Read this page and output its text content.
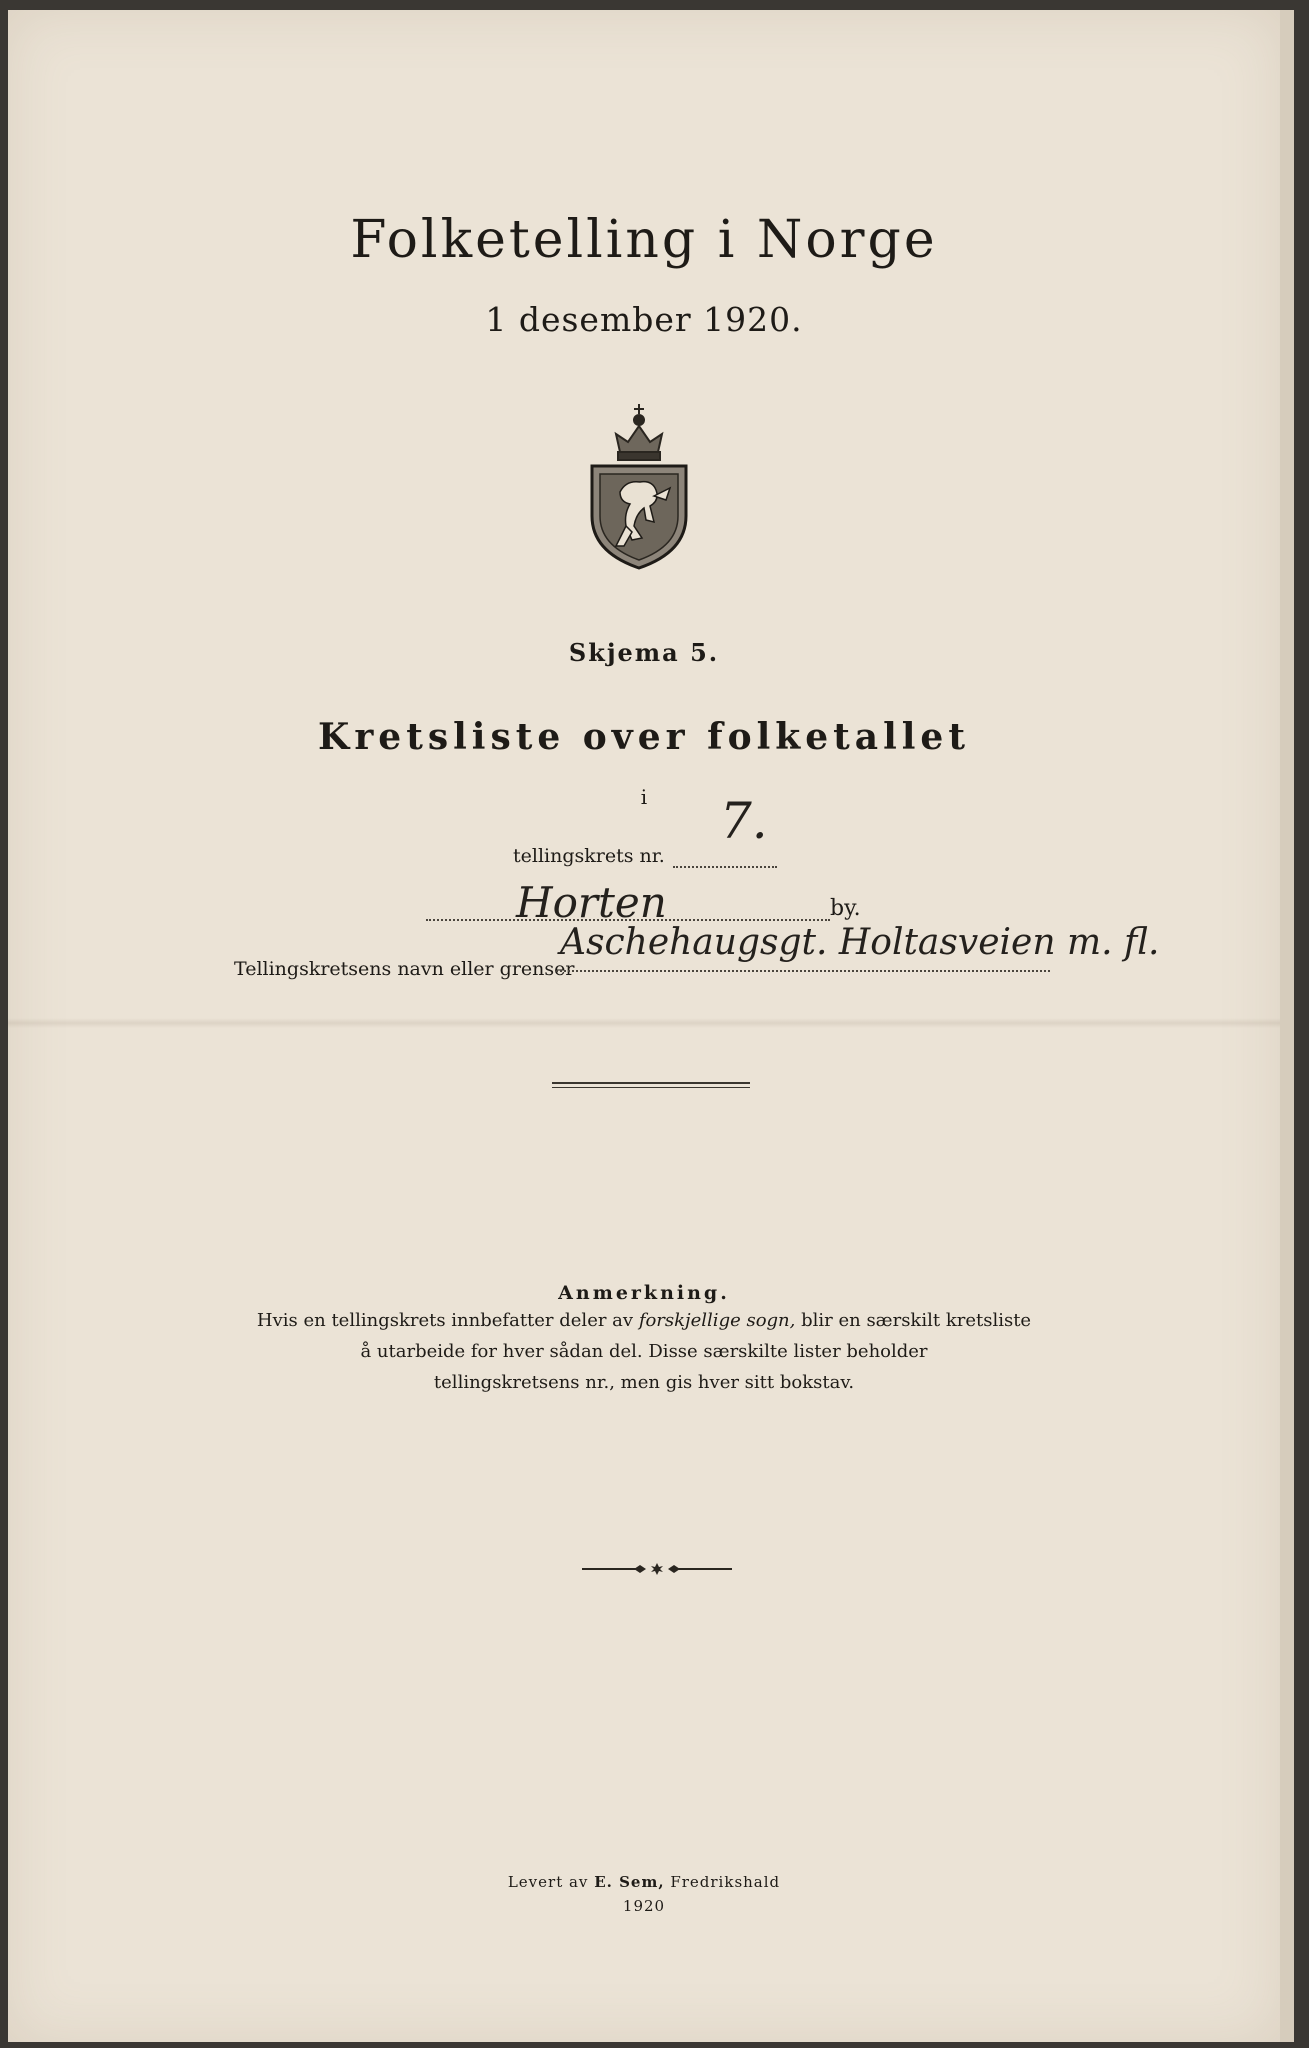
Folketelling i Norge
1 desember 1920.
Skjema 5.
Kretsliste over folketallet
i
tellingskrets nr.
7.
Horten	by.
Tellingskretsens navn eller grenser
Aschehaugsgt. Holtasveien m. fl.
Anmerkning.
Hvis en tellingskrets innbefatter deler av forskjellige sogn, blir en særskilt kretsliste
å utarbeide for hver sådan del. Disse særskilte lister beholder
tellingskretsens nr., men gis hver sitt bokstav.
Levert av E. Sem, Fredrikshald
1920
